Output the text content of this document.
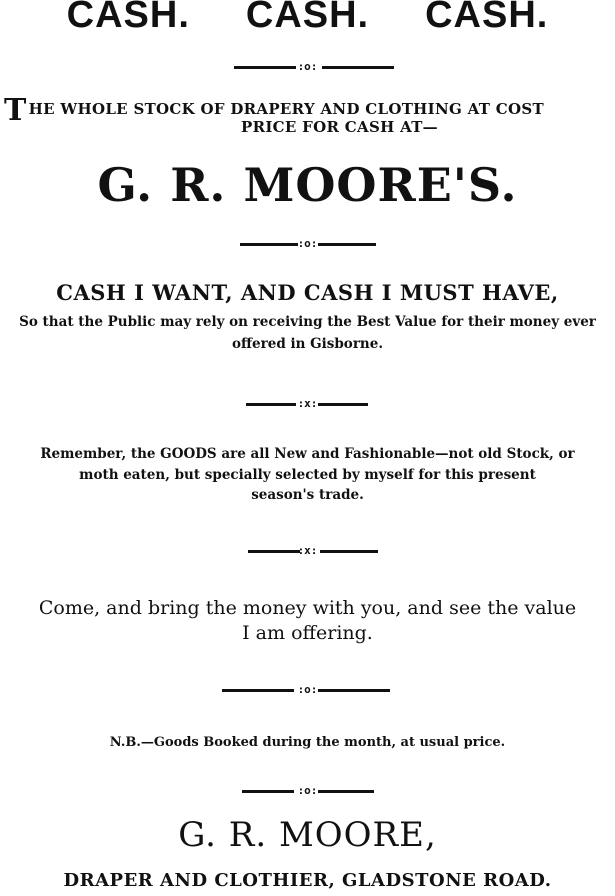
CASH. CASH. CASH.
:o:
T HE WHOLE STOCK OF DRAPERY AND CLOTHING AT COST
PRICE FOR CASH AT—
G. R. MOORE'S.
:o:
CASH I WANT, AND CASH I MUST HAVE,
So that the Public may rely on receiving the Best Value for their money ever
offered in Gisborne.
:x:
Remember, the GOODS are all New and Fashionable—not old Stock, or
moth eaten, but specially selected by myself for this present
season's trade.
:x:
Come, and bring the money with you, and see the value
I am offering.
:o:
N.B.—Goods Booked during the month, at usual price.
:o:
G. R. MOORE,
DRAPER AND CLOTHIER, GLADSTONE ROAD.
